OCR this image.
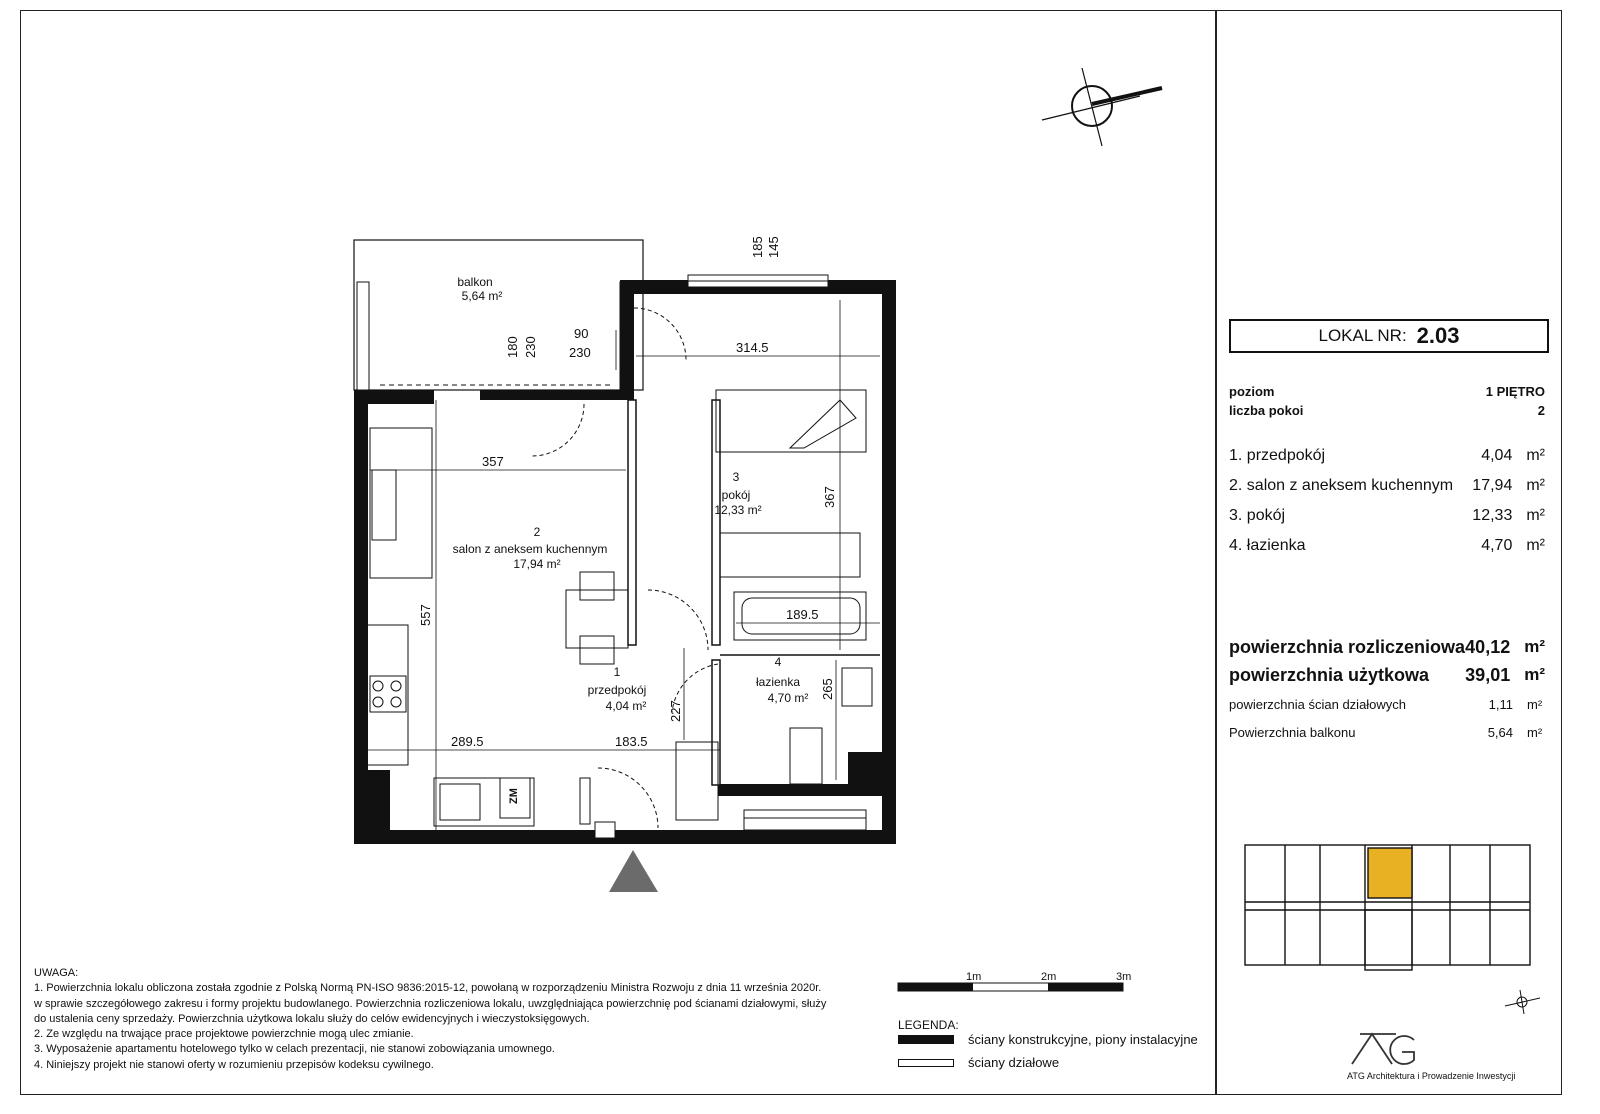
ZM
185 145
180 230
90
230	314.5
357
367
557	189.5
265
227
289.5	183.5
balkon
5,64 m²
2
salon z aneksem kuchennym
17,94 m²
3
pokój
12,33 m²
4
łazienka
4,70 m²
1
przedpokój
4,04 m²
1m	2m	3m
LOKAL NR: 2.03
poziom	1 PIĘTRO
liczba pokoi	2
1. przedpokój	4,04 m²
2. salon z aneksem kuchennym 17,94 m²
3. pokój	12,33 m²
4. łazienka	4,70 m²
powierzchnia rozliczeniowa 40,12 m²
powierzchnia użytkowa 39,01 m²
powierzchnia ścian działowych	1,11 m²
Powierzchnia balkonu	5,64 m²
UWAGA:
1. Powierzchnia lokalu obliczona została zgodnie z Polską Normą PN-ISO 9836:2015-12, powołaną w rozporządzeniu Ministra Rozwoju z dnia 11 września 2020r.
w sprawie szczegółowego zakresu i formy projektu budowlanego. Powierzchnia rozliczeniowa lokalu, uwzględniająca powierzchnię pod ścianami działowymi, służy
do ustalenia ceny sprzedaży. Powierzchnia użytkowa lokalu służy do celów ewidencyjnych i wieczystoksięgowych.
2. Ze względu na trwające prace projektowe powierzchnie mogą ulec zmianie.
3. Wyposażenie apartamentu hotelowego tylko w celach prezentacji, nie stanowi zobowiązania umownego.
4. Niniejszy projekt nie stanowi oferty w rozumieniu przepisów kodeksu cywilnego.
LEGENDA:
ściany konstrukcyjne, piony instalacyjne
ściany działowe
ATG Architektura i Prowadzenie Inwestycji
